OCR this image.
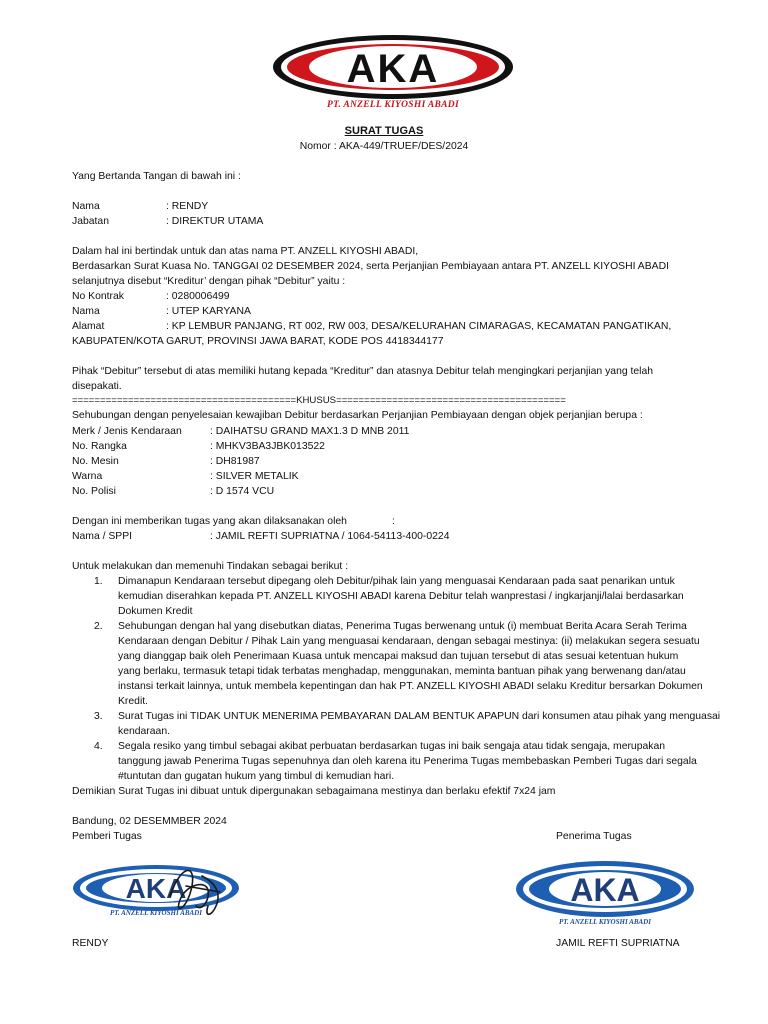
AKA
PT. ANZELL KIYOSHI ABADI
SURAT TUGAS
Nomor : AKA-449/TRUEF/DES/2024
Yang Bertanda Tangan di bawah ini :
Nama	: RENDY
Jabatan	: DIREKTUR UTAMA
Dalam hal ini bertindak untuk dan atas nama PT. ANZELL KIYOSHI ABADI,
Berdasarkan Surat Kuasa No. TANGGAI 02 DESEMBER 2024, serta Perjanjian Pembiayaan antara PT. ANZELL KIYOSHI ABADI
selanjutnya disebut “Kreditur’ dengan pihak “Debitur” yaitu :
No Kontrak	: 0280006499
Nama	: UTEP KARYANA
Alamat	: KP LEMBUR PANJANG, RT 002, RW 003, DESA/KELURAHAN CIMARAGAS, KECAMATAN PANGATIKAN,
KABUPATEN/KOTA GARUT, PROVINSI JAWA BARAT, KODE POS 4418344177
Pihak “Debitur” tersebut di atas memiliki hutang kepada “Kreditur” dan atasnya Debitur telah mengingkari perjanjian yang telah
disepakati.
========================================KHUSUS=========================================
Sehubungan dengan penyelesaian kewajiban Debitur berdasarkan Perjanjian Pembiayaan dengan objek perjanjian berupa :
Merk / Jenis Kendaraan	: DAIHATSU GRAND MAX1.3 D MNB 2011
No. Rangka	: MHKV3BA3JBK013522
No. Mesin	: DH81987
Warna	: SILVER METALIK
No. Polisi	: D 1574 VCU
Dengan ini memberikan tugas yang akan dilaksanakan oleh	:
Nama / SPPI	: JAMIL REFTI SUPRIATNA / 1064-54113-400-0224
Untuk melakukan dan memenuhi Tindakan sebagai berikut :
1. Dimanapun Kendaraan tersebut dipegang oleh Debitur/pihak lain yang menguasai Kendaraan pada saat penarikan untuk
kemudian diserahkan kepada PT. ANZELL KIYOSHI ABADI karena Debitur telah wanprestasi / ingkarjanji/lalai berdasarkan
Dokumen Kredit
2. Sehubungan dengan hal yang disebutkan diatas, Penerima Tugas berwenang untuk (i) membuat Berita Acara Serah Terima
Kendaraan dengan Debitur / Pihak Lain yang menguasai kendaraan, dengan sebagai mestinya: (ii) melakukan segera sesuatu
yang dianggap baik oleh Penerimaan Kuasa untuk mencapai maksud dan tujuan tersebut di atas sesuai ketentuan hukum
yang berlaku, termasuk tetapi tidak terbatas menghadap, menggunakan, meminta bantuan pihak yang berwenang dan/atau
instansi terkait lainnya, untuk membela kepentingan dan hak PT. ANZELL KIYOSHI ABADI selaku Kreditur bersarkan Dokumen
Kredit.
3. Surat Tugas ini TIDAK UNTUK MENERIMA PEMBAYARAN DALAM BENTUK APAPUN dari konsumen atau pihak yang menguasai
kendaraan.
4. Segala resiko yang timbul sebagai akibat perbuatan berdasarkan tugas ini baik sengaja atau tidak sengaja, merupakan
tanggung jawab Penerima Tugas sepenuhnya dan oleh karena itu Penerima Tugas membebaskan Pemberi Tugas dari segala
#tuntutan dan gugatan hukum yang timbul di kemudian hari.
Demikian Surat Tugas ini dibuat untuk dipergunakan sebagaimana mestinya dan berlaku efektif 7x24 jam
Bandung, 02 DESEMMBER 2024
Pemberi Tugas	Penerima Tugas
AKA
PT. ANZELL KIYOSHI ABADI
AKA
PT. ANZELL KIYOSHI ABADI
RENDY	JAMIL REFTI SUPRIATNA
